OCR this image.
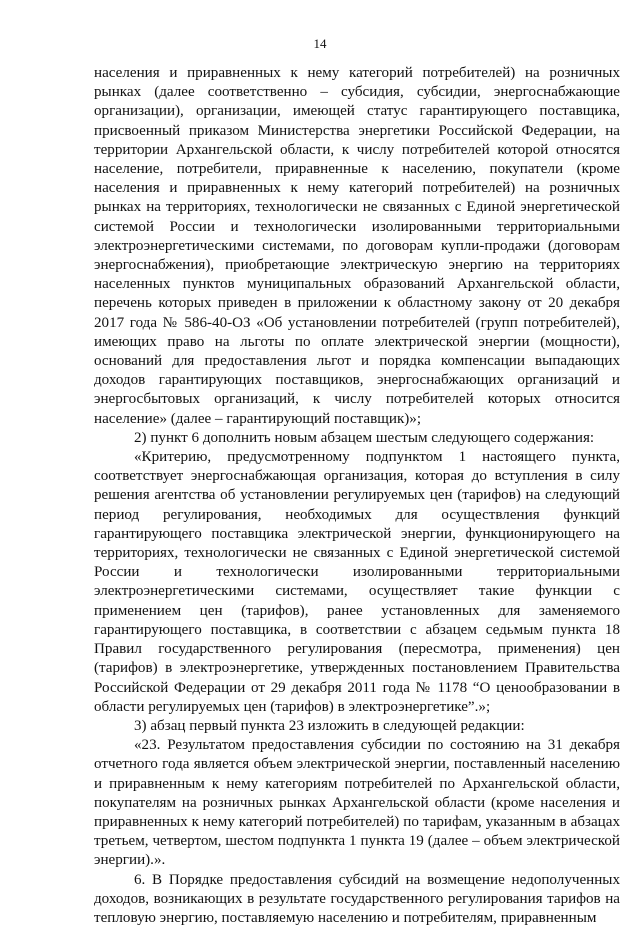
14

населения и приравненных к нему категорий потребителей) на розничных рынках (далее соответственно – субсидия, субсидии, энергоснабжающие организации), организации, имеющей статус гарантирующего поставщика, присвоенный приказом Министерства энергетики Российской Федерации, на территории Архангельской области, к числу потребителей которой относятся население, потребители, приравненные к населению, покупатели (кроме населения и приравненных к нему категорий потребителей) на розничных рынках на территориях, технологически не связанных с Единой энергетической системой России и технологически изолированными территориальными электроэнергетическими системами, по договорам купли-продажи (договорам энергоснабжения), приобретающие электрическую энергию на территориях населенных пунктов муниципальных образований Архангельской области, перечень которых приведен в приложении к областному закону от 20 декабря 2017 года № 586-40-ОЗ «Об установлении потребителей (групп потребителей), имеющих право на льготы по оплате электрической энергии (мощности), оснований для предоставления льгот и порядка компенсации выпадающих доходов гарантирующих поставщиков, энергоснабжающих организаций и энергосбытовых организаций, к числу потребителей которых относится население» (далее – гарантирующий поставщик)»;

2) пункт 6 дополнить новым абзацем шестым следующего содержания:

«Критерию, предусмотренному подпунктом 1 настоящего пункта, соответствует энергоснабжающая организация, которая до вступления в силу решения агентства об установлении регулируемых цен (тарифов) на следующий период регулирования, необходимых для осуществления функций гарантирующего поставщика электрической энергии, функционирующего на территориях, технологически не связанных с Единой энергетической системой России и технологически изолированными территориальными электроэнергетическими системами, осуществляет такие функции с применением цен (тарифов), ранее установленных для заменяемого гарантирующего поставщика, в соответствии с абзацем седьмым пункта 18 Правил государственного регулирования (пересмотра, применения) цен (тарифов) в электроэнергетике, утвержденных постановлением Правительства Российской Федерации от 29 декабря 2011 года № 1178 “О ценообразовании в области регулируемых цен (тарифов) в электроэнергетике”.»;

3) абзац первый пункта 23 изложить в следующей редакции:

«23. Результатом предоставления субсидии по состоянию на 31 декабря отчетного года является объем электрической энергии, поставленный населению и приравненным к нему категориям потребителей по Архангельской области, покупателям на розничных рынках Архангельской области (кроме населения и приравненных к нему категорий потребителей) по тарифам, указанным в абзацах третьем, четвертом, шестом подпункта 1 пункта 19 (далее – объем электрической энергии).».

6. В Порядке предоставления субсидий на возмещение недополученных доходов, возникающих в результате государственного регулирования тарифов на тепловую энергию, поставляемую населению и потребителям, приравненным
